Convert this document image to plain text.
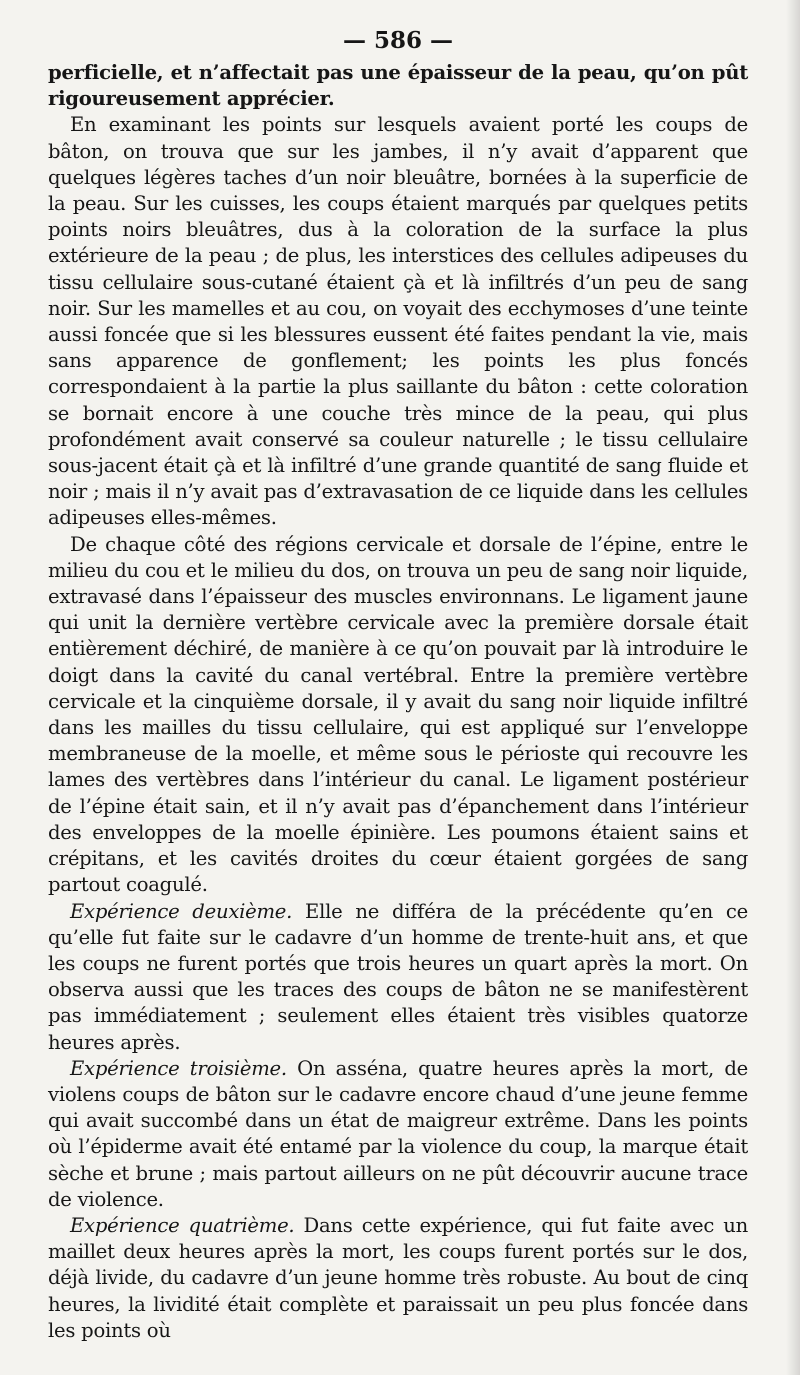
— 586 —

perficielle, et n’affectait pas une épaisseur de la peau, qu’on pût rigoureusement apprécier.

En examinant les points sur lesquels avaient porté les coups de bâton, on trouva que sur les jambes, il n’y avait d’apparent que quelques légères taches d’un noir bleuâtre, bornées à la superficie de la peau. Sur les cuisses, les coups étaient marqués par quelques petits points noirs bleuâtres, dus à la coloration de la surface la plus extérieure de la peau ; de plus, les interstices des cellules adipeuses du tissu cellulaire sous-cutané étaient çà et là infiltrés d’un peu de sang noir. Sur les mamelles et au cou, on voyait des ecchymoses d’une teinte aussi foncée que si les blessures eussent été faites pendant la vie, mais sans apparence de gonflement; les points les plus foncés correspondaient à la partie la plus saillante du bâton : cette coloration se bornait encore à une couche très mince de la peau, qui plus profondément avait conservé sa couleur naturelle ; le tissu cellulaire sous-jacent était çà et là infiltré d’une grande quantité de sang fluide et noir ; mais il n’y avait pas d’extravasation de ce liquide dans les cellules adipeuses elles-mêmes.

De chaque côté des régions cervicale et dorsale de l’épine, entre le milieu du cou et le milieu du dos, on trouva un peu de sang noir liquide, extravasé dans l’épaisseur des muscles environnans. Le ligament jaune qui unit la dernière vertèbre cervicale avec la première dorsale était entièrement déchiré, de manière à ce qu’on pouvait par là introduire le doigt dans la cavité du canal vertébral. Entre la première vertèbre cervicale et la cinquième dorsale, il y avait du sang noir liquide infiltré dans les mailles du tissu cellulaire, qui est appliqué sur l’enveloppe membraneuse de la moelle, et même sous le périoste qui recouvre les lames des vertèbres dans l’intérieur du canal. Le ligament postérieur de l’épine était sain, et il n’y avait pas d’épanchement dans l’intérieur des enveloppes de la moelle épinière. Les poumons étaient sains et crépitans, et les cavités droites du cœur étaient gorgées de sang partout coagulé.

Expérience deuxième. Elle ne différa de la précédente qu’en ce qu’elle fut faite sur le cadavre d’un homme de trente-huit ans, et que les coups ne furent portés que trois heures un quart après la mort. On observa aussi que les traces des coups de bâton ne se manifestèrent pas immédiatement ; seulement elles étaient très visibles quatorze heures après.

Expérience troisième. On asséna, quatre heures après la mort, de violens coups de bâton sur le cadavre encore chaud d’une jeune femme qui avait succombé dans un état de maigreur extrême. Dans les points où l’épiderme avait été entamé par la violence du coup, la marque était sèche et brune ; mais partout ailleurs on ne pût découvrir aucune trace de violence.

Expérience quatrième. Dans cette expérience, qui fut faite avec un maillet deux heures après la mort, les coups furent portés sur le dos, déjà livide, du cadavre d’un jeune homme très robuste. Au bout de cinq heures, la lividité était complète et paraissait un peu plus foncée dans les points où
